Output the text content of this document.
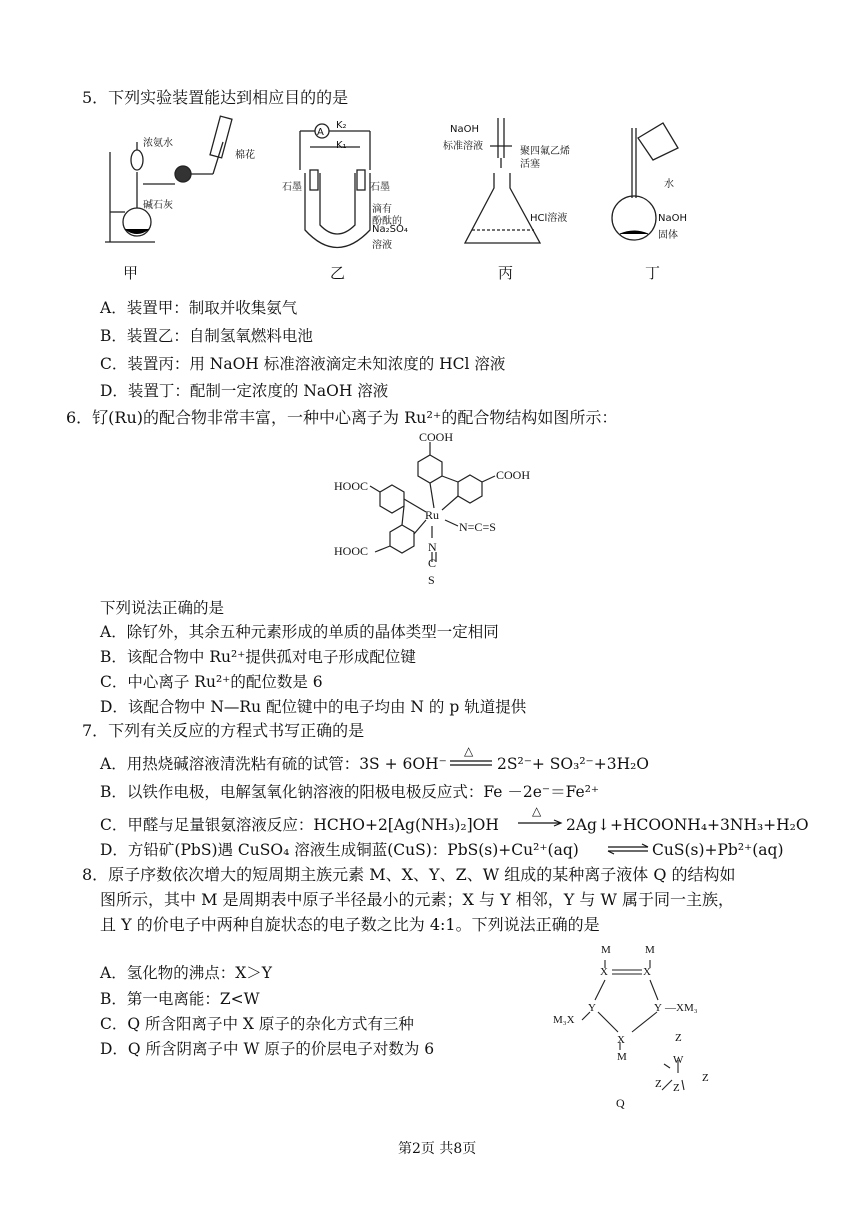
5．下列实验装置能达到相应目的的是
浓氨水
棉花
碱石灰
甲
A
K₂
K₁
石墨	石墨
滴有
酚酞的
Na₂SO₄
溶液
乙
NaOH
标准溶液	聚四氟乙烯
活塞
HCl溶液
丙
水
NaOH
固体
丁
A．装置甲：制取并收集氨气
B．装置乙：自制氢氧燃料电池
C．装置丙：用 NaOH 标准溶液滴定未知浓度的 HCl 溶液
D．装置丁：配制一定浓度的 NaOH 溶液
6．钌(Ru)的配合物非常丰富，一种中心离子为 Ru²⁺的配合物结构如图所示：
COOH
COOH
HOOC
HOOC
Ru
N=C=S
N
C
S
下列说法正确的是
A．除钌外，其余五种元素形成的单质的晶体类型一定相同
B．该配合物中 Ru²⁺提供孤对电子形成配位键
C．中心离子 Ru²⁺的配位数是 6
D．该配合物中 N—Ru 配位键中的电子均由 N 的 p 轨道提供
7．下列有关反应的方程式书写正确的是
A．用热烧碱溶液清洗粘有硫的试管：3S + 6OH⁻
△
2S²⁻+ SO₃²⁻+3H₂O
B．以铁作电极，电解氢氧化钠溶液的阳极电极反应式：Fe －2e⁻＝Fe²⁺
C．甲醛与足量银氨溶液反应：HCHO+2[Ag(NH₃)₂]OH
△
2Ag↓+HCOONH₄+3NH₃+H₂O
D．方铅矿(PbS)遇 CuSO₄ 溶液生成铜蓝(CuS)：PbS(s)+Cu²⁺(aq)	CuS(s)+Pb²⁺(aq)
8．原子序数依次增大的短周期主族元素 M、X、Y、Z、W 组成的某种离子液体 Q 的结构如
图所示，其中 M 是周期表中原子半径最小的元素；X 与 Y 相邻，Y 与 W 属于同一主族，
且 Y 的价电子中两种自旋状态的电子数之比为 4:1。下列说法正确的是
A．氢化物的沸点：X＞Y
B．第一电离能：Z<W
C．Q 所含阳离子中 X 原子的杂化方式有三种
D．Q 所含阴离子中 W 原子的价层电子对数为 6
M	M
X	X
Y	Y —XM₃
M₃X
X
M
Z
W
Z Z
Z
Q
第2页 共8页
